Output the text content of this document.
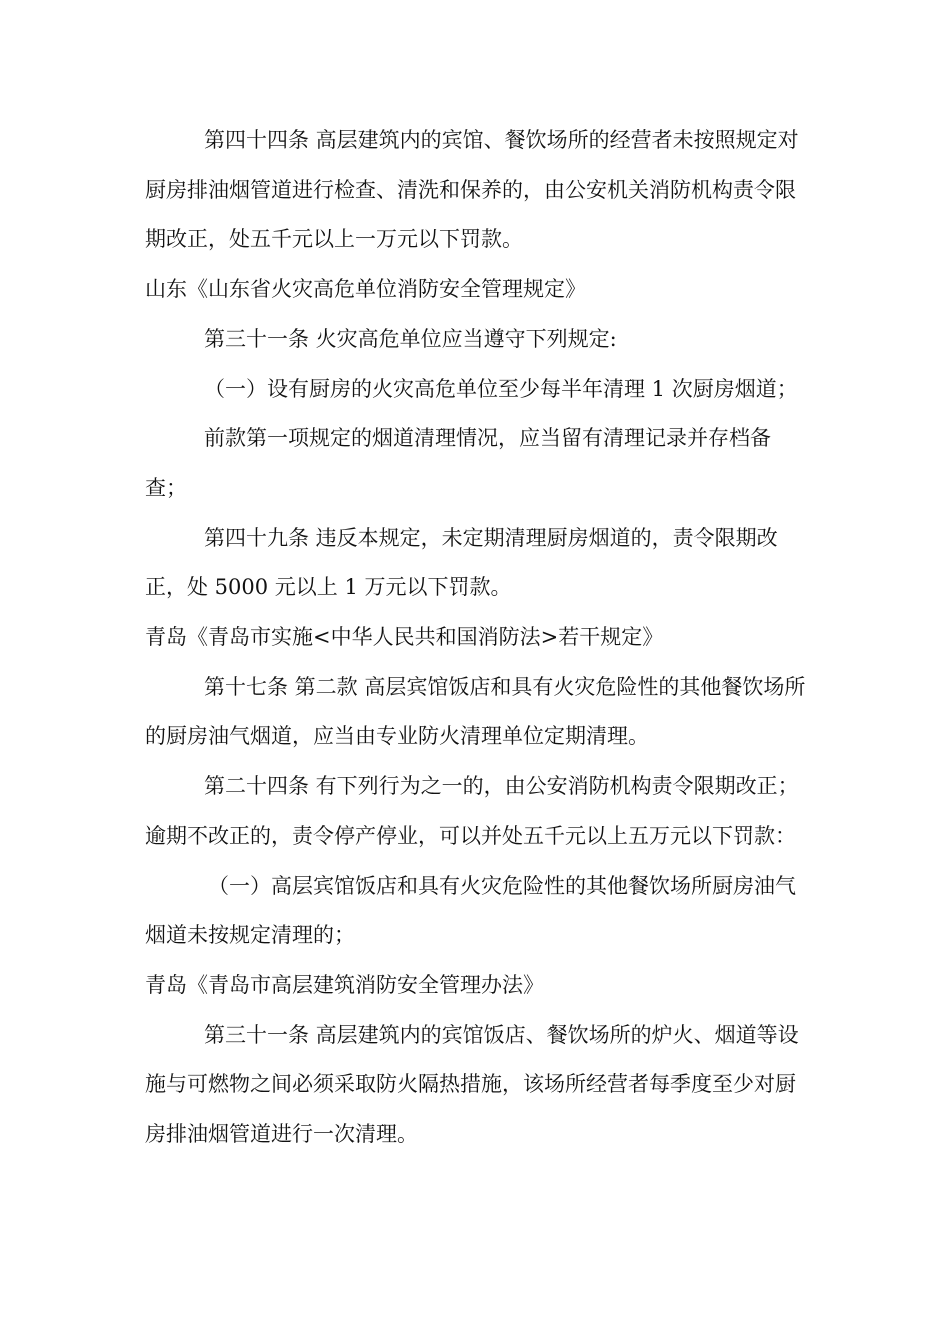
第四十四条 高层建筑内的宾馆、餐饮场所的经营者未按照规定对厨房排油烟管道进行检查、清洗和保养的，由公安机关消防机构责令限期改正，处五千元以上一万元以下罚款。

山东《山东省火灾高危单位消防安全管理规定》

第三十一条 火灾高危单位应当遵守下列规定:

（一）设有厨房的火灾高危单位至少每半年清理 1 次厨房烟道；

前款第一项规定的烟道清理情况，应当留有清理记录并存档备查；

第四十九条 违反本规定，未定期清理厨房烟道的，责令限期改正，处 5000 元以上 1 万元以下罚款。

青岛《青岛市实施<中华人民共和国消防法>若干规定》

第十七条 第二款 高层宾馆饭店和具有火灾危险性的其他餐饮场所的厨房油气烟道，应当由专业防火清理单位定期清理。

第二十四条 有下列行为之一的，由公安消防机构责令限期改正；逾期不改正的，责令停产停业，可以并处五千元以上五万元以下罚款：

（一）高层宾馆饭店和具有火灾危险性的其他餐饮场所厨房油气烟道未按规定清理的；

青岛《青岛市高层建筑消防安全管理办法》

第三十一条 高层建筑内的宾馆饭店、餐饮场所的炉火、烟道等设施与可燃物之间必须采取防火隔热措施，该场所经营者每季度至少对厨房排油烟管道进行一次清理。
